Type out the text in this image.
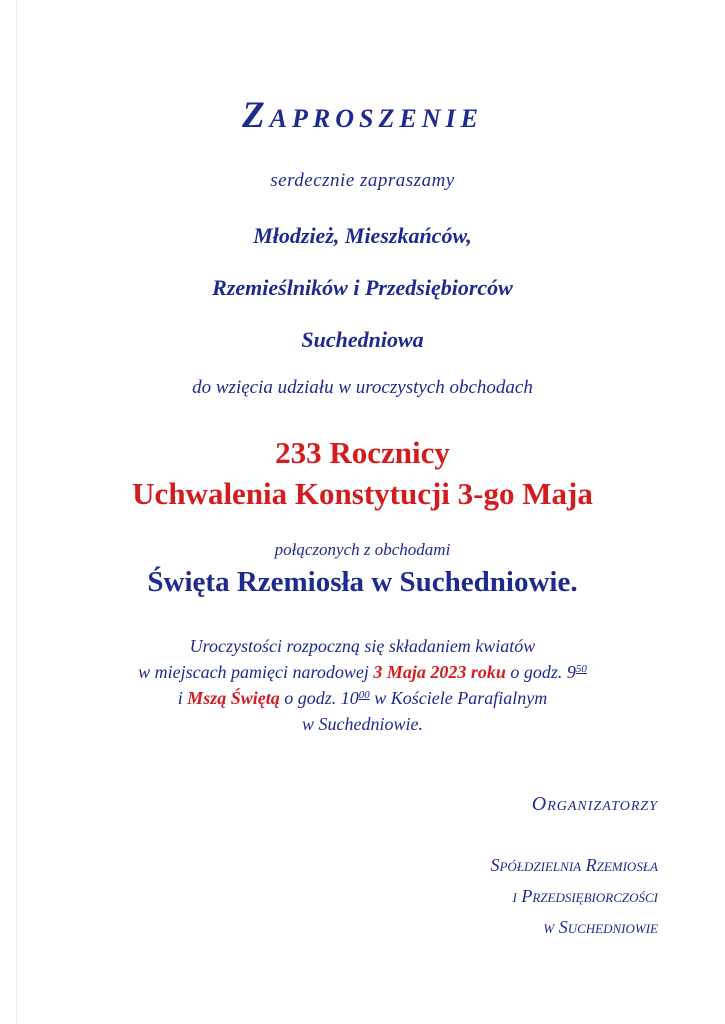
Zaproszenie
serdecznie zapraszamy
Młodzież, Mieszkańców,
Rzemieślników i Przedsiębiorców
Suchedniowa
do wzięcia udziału w uroczystych obchodach
233 Rocznicy
Uchwalenia Konstytucji 3-go Maja
połączonych z obchodami
Święta Rzemiosła w Suchedniowie.
Uroczystości rozpoczną się składaniem kwiatów
w miejscach pamięci narodowej 3 Maja 2023 roku o godz. $9^{50}$
i Mszą Świętą o godz. $10^{00}$ w Kościele Parafialnym
w Suchedniowie.
Organizatorzy
Spółdzielnia Rzemiosła
i Przedsiębiorczości
w Suchedniowie
